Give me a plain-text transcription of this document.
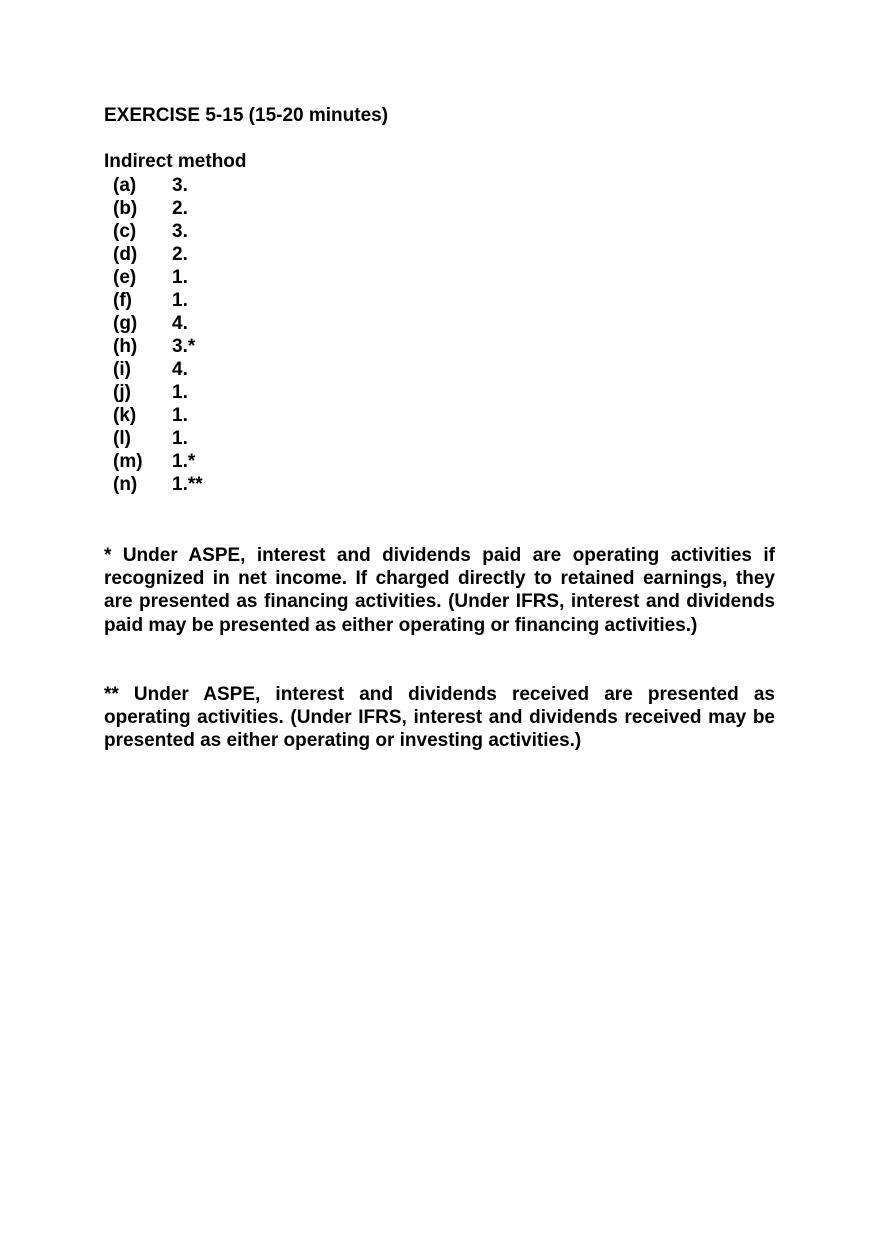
EXERCISE 5-15 (15-20 minutes)
Indirect method
(a)	3.
(b)	2.
(c)	3.
(d)	2.
(e)	1.
(f)	1.
(g)	4.
(h)	3.*
(i)	4.
(j)	1.
(k)	1.
(l)	1.
(m)	1.*
(n)	1.**

* Under ASPE, interest and dividends paid are operating activities if recognized in net income. If charged directly to retained earnings, they are presented as financing activities. (Under IFRS, interest and dividends paid may be presented as either operating or financing activities.)

** Under ASPE, interest and dividends received are presented as operating activities. (Under IFRS, interest and dividends received may be presented as either operating or investing activities.)
